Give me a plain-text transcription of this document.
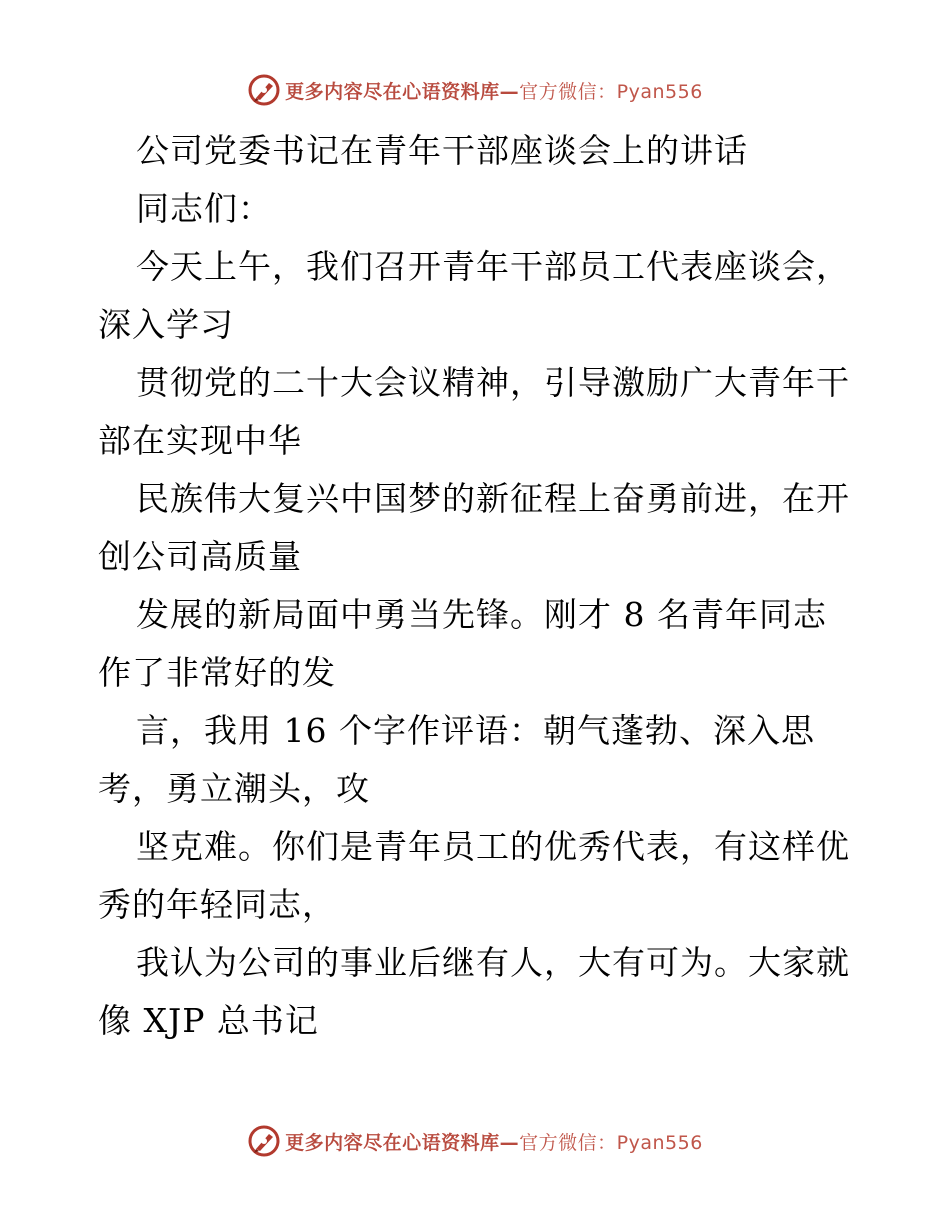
更多内容尽在心语资料库—官方微信：Pyan556
公司党委书记在青年干部座谈会上的讲话
同志们：
今天上午，我们召开青年干部员工代表座谈会，
深入学习
贯彻党的二十大会议精神，引导激励广大青年干
部在实现中华
民族伟大复兴中国梦的新征程上奋勇前进，在开
创公司高质量
发展的新局面中勇当先锋。刚才 8 名青年同志
作了非常好的发
言，我用 16 个字作评语：朝气蓬勃、深入思
考，勇立潮头，攻
坚克难。你们是青年员工的优秀代表，有这样优
秀的年轻同志，
我认为公司的事业后继有人，大有可为。大家就
像 XJP 总书记
更多内容尽在心语资料库—官方微信：Pyan556
